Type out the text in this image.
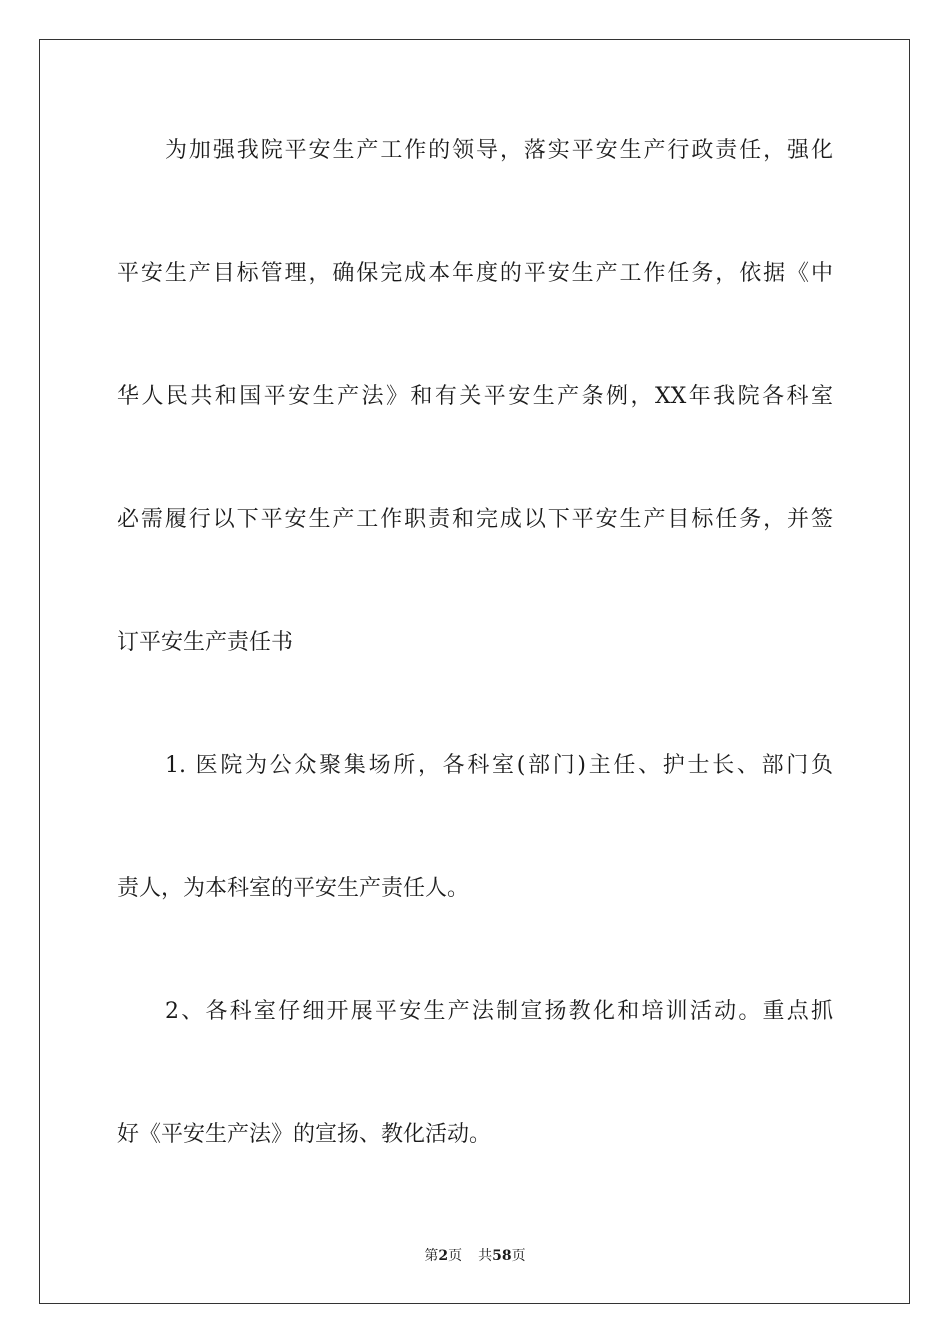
为加强我院平安生产工作的领导，落实平安生产行政责任，强化
平安生产目标管理，确保完成本年度的平安生产工作任务，依据《中
华人民共和国平安生产法》和有关平安生产条例，XX年我院各科室
必需履行以下平安生产工作职责和完成以下平安生产目标任务，并签
订平安生产责任书
1. 医院为公众聚集场所，各科室(部门)主任、护士长、部门负
责人，为本科室的平安生产责任人。
2、各科室仔细开展平安生产法制宣扬教化和培训活动。重点抓
好《平安生产法》的宣扬、教化活动。
第2页 共58页
